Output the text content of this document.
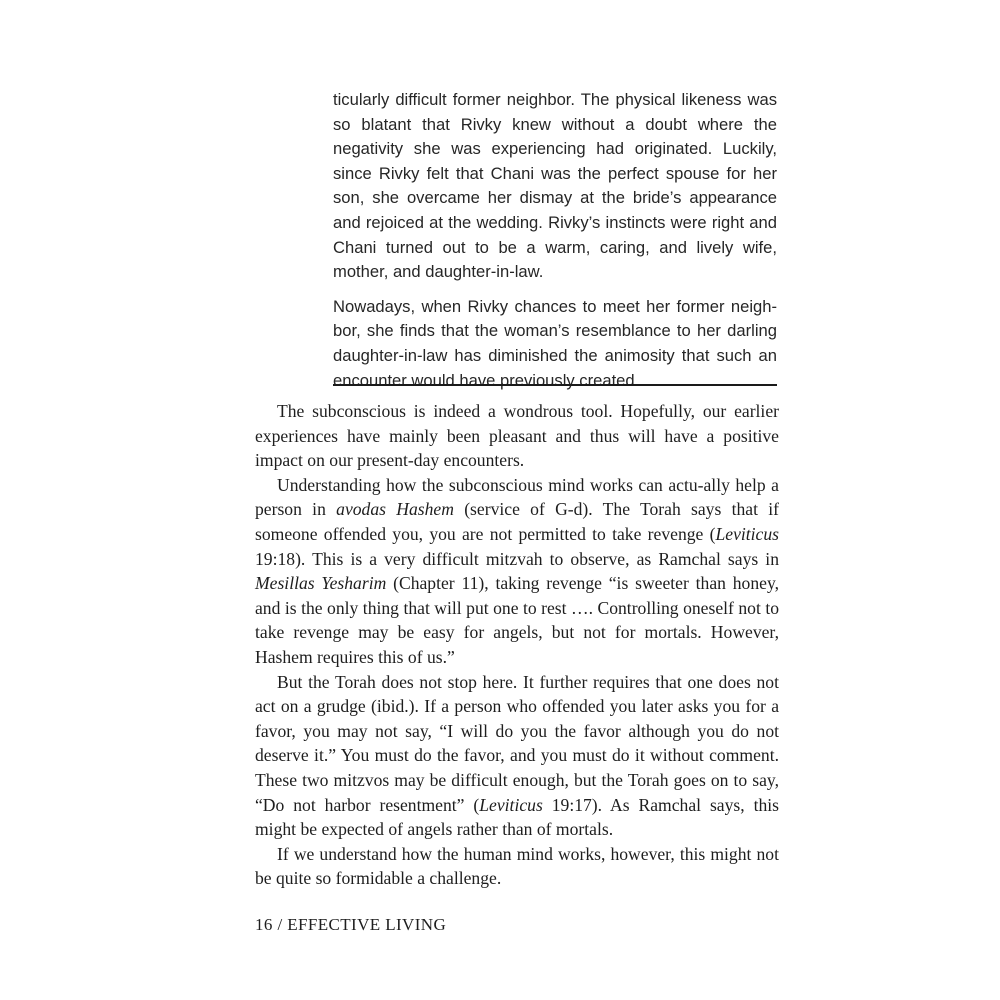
ticularly difficult former neighbor. The physical likeness was so blatant that Rivky knew without a doubt where the negativity she was experiencing had originated. Luckily, since Rivky felt that Chani was the perfect spouse for her son, she overcame her dismay at the bride’s appearance and rejoiced at the wedding. Rivky’s instincts were right and Chani turned out to be a warm, caring, and lively wife, mother, and daughter-in-law.

Nowadays, when Rivky chances to meet her former neigh-bor, she finds that the woman’s resemblance to her darling daughter-in-law has diminished the animosity that such an encounter would have previously created.

The subconscious is indeed a wondrous tool. Hopefully, our earlier experiences have mainly been pleasant and thus will have a positive impact on our present-day encounters.

Understanding how the subconscious mind works can actu-ally help a person in avodas Hashem (service of G-d). The Torah says that if someone offended you, you are not permitted to take revenge (Leviticus 19:18). This is a very difficult mitzvah to observe, as Ramchal says in Mesillas Yesharim (Chapter 11), taking revenge “is sweeter than honey, and is the only thing that will put one to rest …. Controlling oneself not to take revenge may be easy for angels, but not for mortals. However, Hashem requires this of us.”

But the Torah does not stop here. It further requires that one does not act on a grudge (ibid.). If a person who offended you later asks you for a favor, you may not say, “I will do you the favor although you do not deserve it.” You must do the favor, and you must do it without comment. These two mitzvos may be difficult enough, but the Torah goes on to say, “Do not harbor resentment” (Leviticus 19:17). As Ramchal says, this might be expected of angels rather than of mortals.

If we understand how the human mind works, however, this might not be quite so formidable a challenge.

16 / EFFECTIVE LIVING
